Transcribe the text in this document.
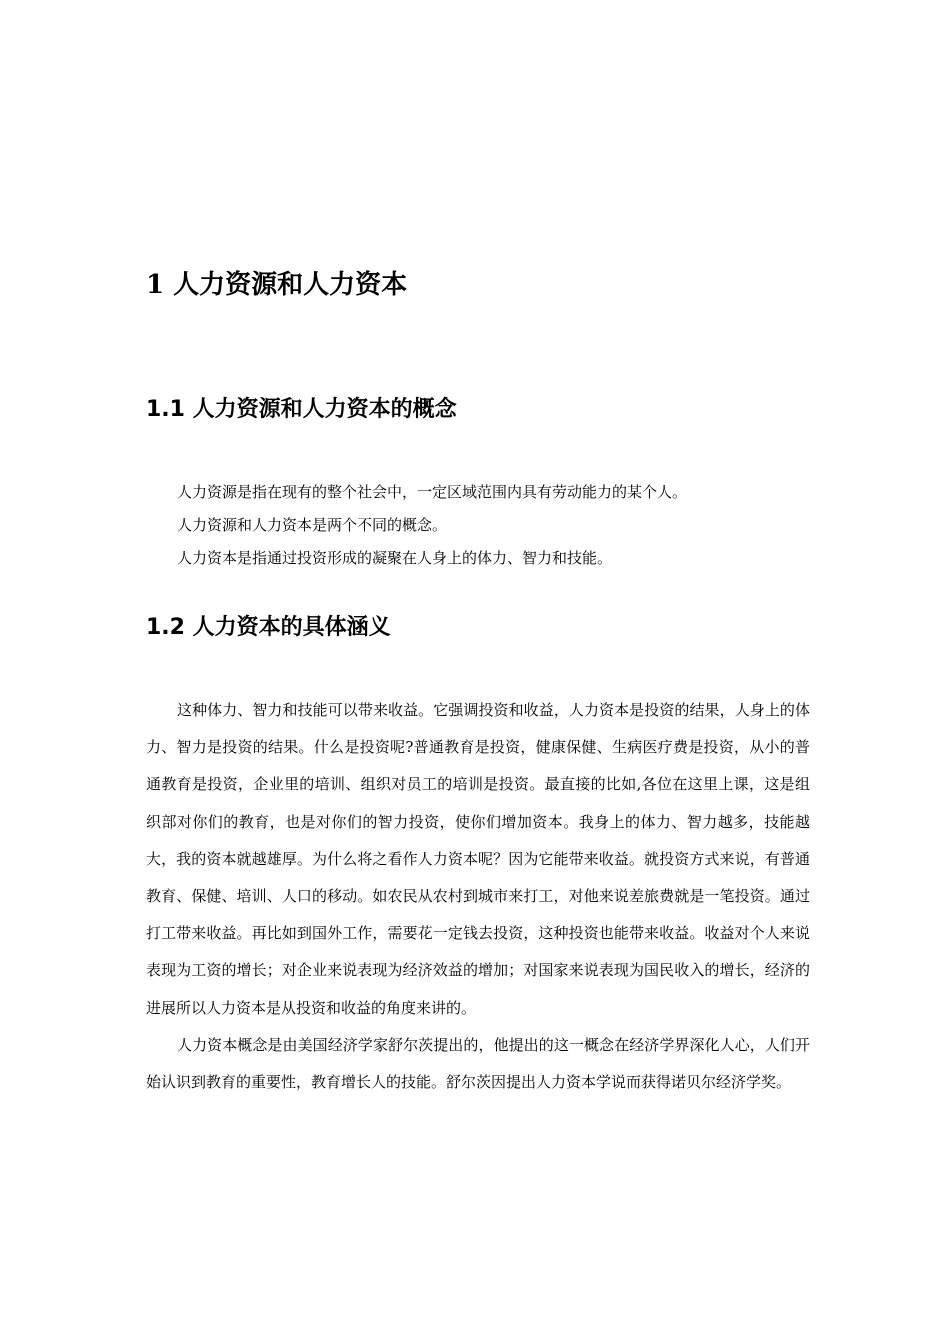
1 人力资源和人力资本
1.1 人力资源和人力资本的概念

人力资源是指在现有的整个社会中，一定区域范围内具有劳动能力的某个人。

人力资源和人力资本是两个不同的概念。

人力资本是指通过投资形成的凝聚在人身上的体力、智力和技能。

1.2 人力资本的具体涵义

这种体力、智力和技能可以带来收益。它强调投资和收益，人力资本是投资的结果，人身上的体力、智力是投资的结果。什么是投资呢?普通教育是投资，健康保健、生病医疗费是投资，从小的普通教育是投资，企业里的培训、组织对员工的培训是投资。最直接的比如,各位在这里上课，这是组织部对你们的教育，也是对你们的智力投资，使你们增加资本。我身上的体力、智力越多，技能越大，我的资本就越雄厚。为什么将之看作人力资本呢？因为它能带来收益。就投资方式来说，有普通教育、保健、培训、人口的移动。如农民从农村到城市来打工，对他来说差旅费就是一笔投资。通过打工带来收益。再比如到国外工作，需要花一定钱去投资，这种投资也能带来收益。收益对个人来说表现为工资的增长；对企业来说表现为经济效益的增加；对国家来说表现为国民收入的增长，经济的进展所以人力资本是从投资和收益的角度来讲的。

人力资本概念是由美国经济学家舒尔茨提出的，他提出的这一概念在经济学界深化人心，人们开始认识到教育的重要性，教育增长人的技能。舒尔茨因提出人力资本学说而获得诺贝尔经济学奖。
